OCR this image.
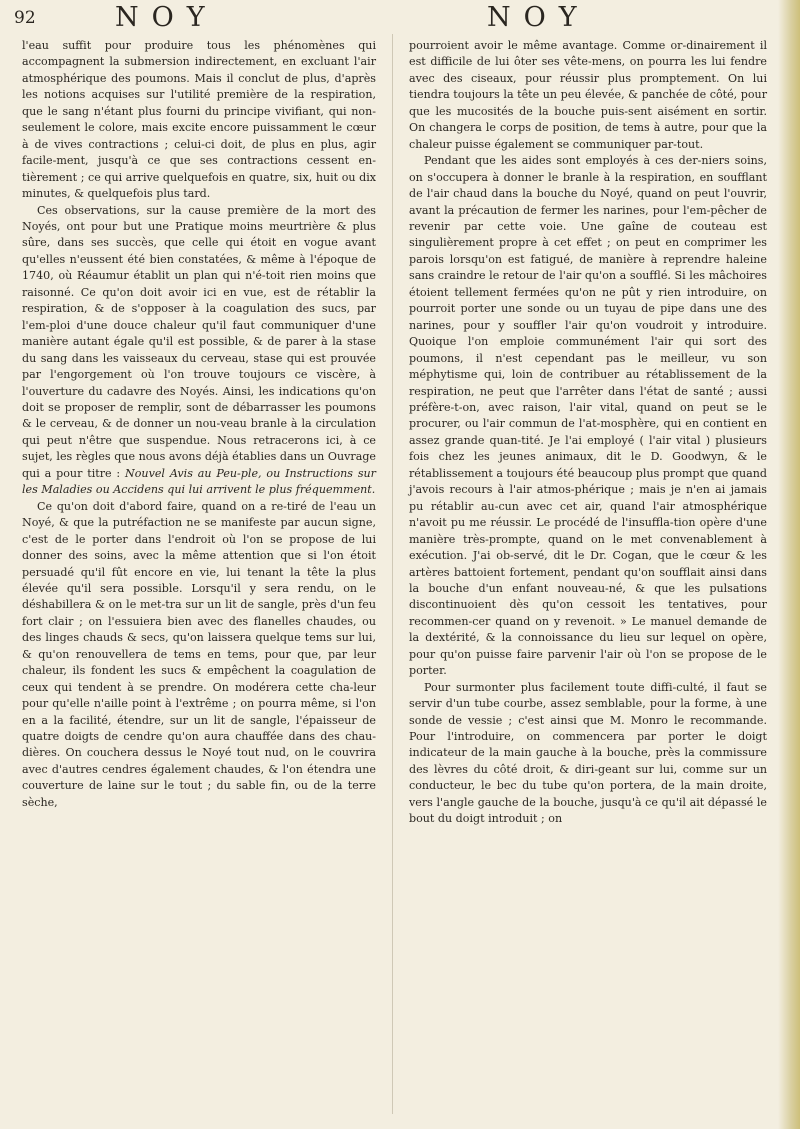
92	NOY	NOY

l'eau suffit pour produire tous les phénomènes qui accompagnent la submersion indirectement, en excluant l'air atmosphérique des poumons. Mais il conclut de plus, d'après les notions acquises sur l'utilité première de la respiration, que le sang n'étant plus fourni du principe vivifiant, qui non-seulement le colore, mais excite encore puissamment le cœur à de vives contractions ; celui-ci doit, de plus en plus, agir facile-ment, jusqu'à ce que ses contractions cessent en-tièrement ; ce qui arrive quelquefois en quatre, six, huit ou dix minutes, & quelquefois plus tard.

Ces observations, sur la cause première de la mort des Noyés, ont pour but une Pratique moins meurtrière & plus sûre, dans ses succès, que celle qui étoit en vogue avant qu'elles n'eussent été bien constatées, & même à l'époque de 1740, où Réaumur établit un plan qui n'é-toit rien moins que raisonné. Ce qu'on doit avoir ici en vue, est de rétablir la respiration, & de s'opposer à la coagulation des sucs, par l'em-ploi d'une douce chaleur qu'il faut communiquer d'une manière autant égale qu'il est possible, & de parer à la stase du sang dans les vaisseaux du cerveau, stase qui est prouvée par l'engorgement où l'on trouve toujours ce viscère, à l'ouverture du cadavre des Noyés. Ainsi, les indications qu'on doit se proposer de remplir, sont de débarrasser les poumons & le cerveau, & de donner un nou-veau branle à la circulation qui peut n'être que suspendue. Nous retracerons ici, à ce sujet, les règles que nous avons déjà établies dans un Ouvrage qui a pour titre : Nouvel Avis au Peu-ple, ou Instructions sur les Maladies ou Accidens qui lui arrivent le plus fréquemment.

Ce qu'on doit d'abord faire, quand on a re-tiré de l'eau un Noyé, & que la putréfaction ne se manifeste par aucun signe, c'est de le porter dans l'endroit où l'on se propose de lui donner des soins, avec la même attention que si l'on étoit persuadé qu'il fût encore en vie, lui tenant la tête la plus élevée qu'il sera possible. Lorsqu'il y sera rendu, on le déshabillera & on le met-tra sur un lit de sangle, près d'un feu fort clair ; on l'essuiera bien avec des flanelles chaudes, ou des linges chauds & secs, qu'on laissera quelque tems sur lui, & qu'on renouvellera de tems en tems, pour que, par leur chaleur, ils fondent les sucs & empêchent la coagulation de ceux qui tendent à se prendre. On modérera cette cha-leur pour qu'elle n'aille point à l'extrême ; on pourra même, si l'on en a la facilité, étendre, sur un lit de sangle, l'épaisseur de quatre doigts de cendre qu'on aura chauffée dans des chau-dières. On couchera dessus le Noyé tout nud, on le couvrira avec d'autres cendres également chaudes, & l'on étendra une couverture de laine sur le tout ; du sable fin, ou de la terre sèche,

pourroient avoir le même avantage. Comme or-dinairement il est difficile de lui ôter ses vête-mens, on pourra les lui fendre avec des ciseaux, pour réussir plus promptement. On lui tiendra toujours la tête un peu élevée, & panchée de côté, pour que les mucosités de la bouche puis-sent aisément en sortir. On changera le corps de position, de tems à autre, pour que la chaleur puisse également se communiquer par-tout.

Pendant que les aides sont employés à ces der-niers soins, on s'occupera à donner le branle à la respiration, en soufflant de l'air chaud dans la bouche du Noyé, quand on peut l'ouvrir, avant la précaution de fermer les narines, pour l'em-pêcher de revenir par cette voie. Une gaîne de couteau est singulièrement propre à cet effet ; on peut en comprimer les parois lorsqu'on est fatigué, de manière à reprendre haleine sans craindre le retour de l'air qu'on a soufflé. Si les mâchoires étoient tellement fermées qu'on ne pût y rien introduire, on pourroit porter une sonde ou un tuyau de pipe dans une des narines, pour y souffler l'air qu'on voudroit y introduire. Quoique l'on emploie communément l'air qui sort des poumons, il n'est cependant pas le meilleur, vu son méphytisme qui, loin de contribuer au rétablissement de la respiration, ne peut que l'arrêter dans l'état de santé ; aussi préfère-t-on, avec raison, l'air vital, quand on peut se le procurer, ou l'air commun de l'at-mosphère, qui en contient en assez grande quan-tité. Je l'ai employé ( l'air vital ) plusieurs fois chez les jeunes animaux, dit le D. Goodwyn, & le rétablissement a toujours été beaucoup plus prompt que quand j'avois recours à l'air atmos-phérique ; mais je n'en ai jamais pu rétablir au-cun avec cet air, quand l'air atmosphérique n'avoit pu me réussir. Le procédé de l'insuffla-tion opère d'une manière très-prompte, quand on le met convenablement à exécution. J'ai ob-servé, dit le Dr. Cogan, que le cœur & les artères battoient fortement, pendant qu'on soufflait ainsi dans la bouche d'un enfant nouveau-né, & que les pulsations discontinuoient dès qu'on cessoit les tentatives, pour recommen-cer quand on y revenoit. » Le manuel demande de la dextérité, & la connoissance du lieu sur lequel on opère, pour qu'on puisse faire parvenir l'air où l'on se propose de le porter.

Pour surmonter plus facilement toute diffi-culté, il faut se servir d'un tube courbe, assez semblable, pour la forme, à une sonde de vessie ; c'est ainsi que M. Monro le recommande. Pour l'introduire, on commencera par porter le doigt indicateur de la main gauche à la bouche, près la commissure des lèvres du côté droit, & diri-geant sur lui, comme sur un conducteur, le bec du tube qu'on portera, de la main droite, vers l'angle gauche de la bouche, jusqu'à ce qu'il ait dépassé le bout du doigt introduit ; on
